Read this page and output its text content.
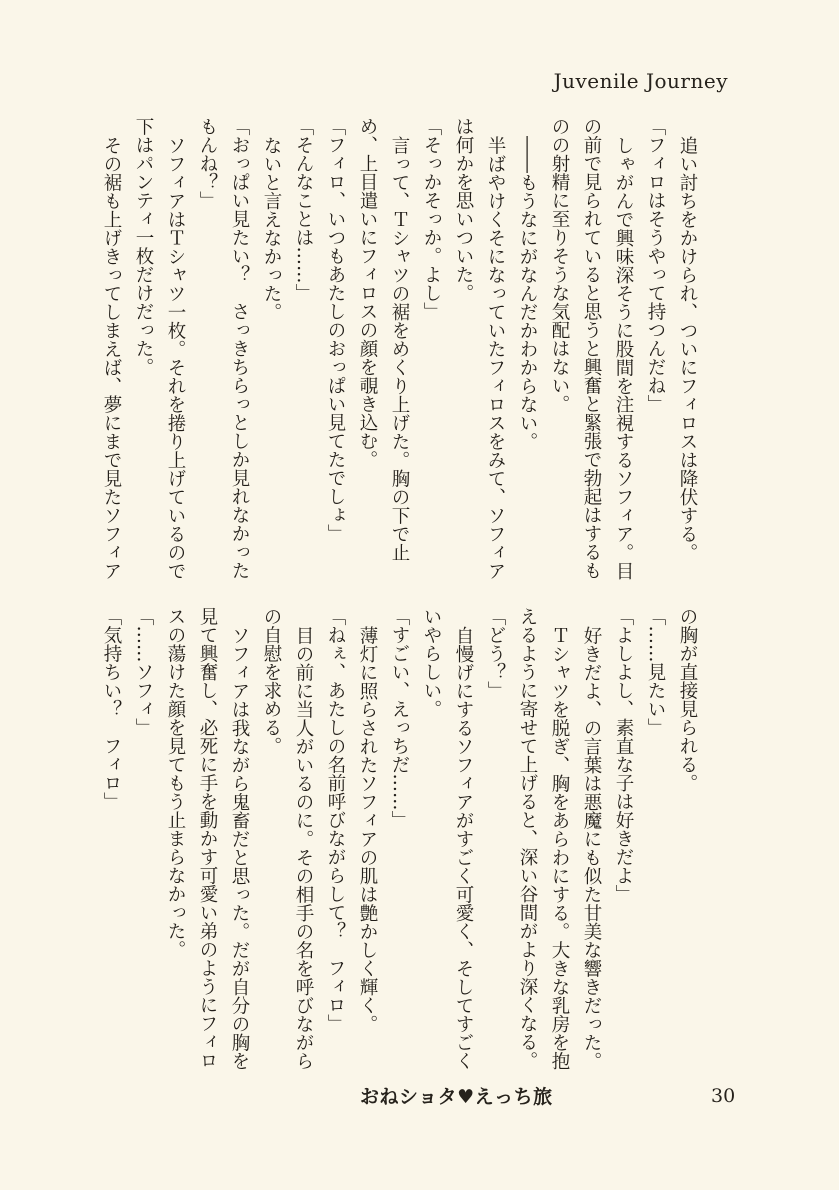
Juvenile Journey

追い討ちをかけられ、ついにフィロスは降伏する。

「フィロはそうやって持つんだね」

しゃがんで興味深そうに股間を注視するソフィア。目の前で見られていると思うと興奮と緊張で勃起はするものの射精に至りそうな気配はない。

――もうなにがなんだかわからない。

半ばやけくそになっていたフィロスをみて、ソフィアは何かを思いついた。

「そっかそっか。よし」

言って、Ｔシャツの裾をめくり上げた。胸の下で止め、上目遣いにフィロスの顔を覗き込む。

「フィロ、いつもあたしのおっぱい見てたでしょ」

「そんなことは……」

ないと言えなかった。

「おっぱい見たい？　さっきちらっとしか見れなかったもんね？」

ソフィアはＴシャツ一枚。それを捲り上げているので下はパンティ一枚だけだった。

その裾も上げきってしまえば、夢にまで見たソフィア

の胸が直接見られる。

「……見たい」

「よしよし、素直な子は好きだよ」

好きだよ、の言葉は悪魔にも似た甘美な響きだった。

Ｔシャツを脱ぎ、胸をあらわにする。大きな乳房を抱えるように寄せて上げると、深い谷間がより深くなる。

「どう？」

自慢げにするソフィアがすごく可愛く、そしてすごくいやらしい。

「すごい、えっちだ……」

薄灯に照らされたソフィアの肌は艶かしく輝く。

「ねぇ、あたしの名前呼びながらして？　フィロ」

目の前に当人がいるのに。その相手の名を呼びながらの自慰を求める。

ソフィアは我ながら鬼畜だと思った。だが自分の胸を見て興奮し、必死に手を動かす可愛い弟のようにフィロスの蕩けた顔を見てもう止まらなかった。

「……ソフィ」

「気持ちい？　フィロ」

おねショタ♥えっち旅	30
